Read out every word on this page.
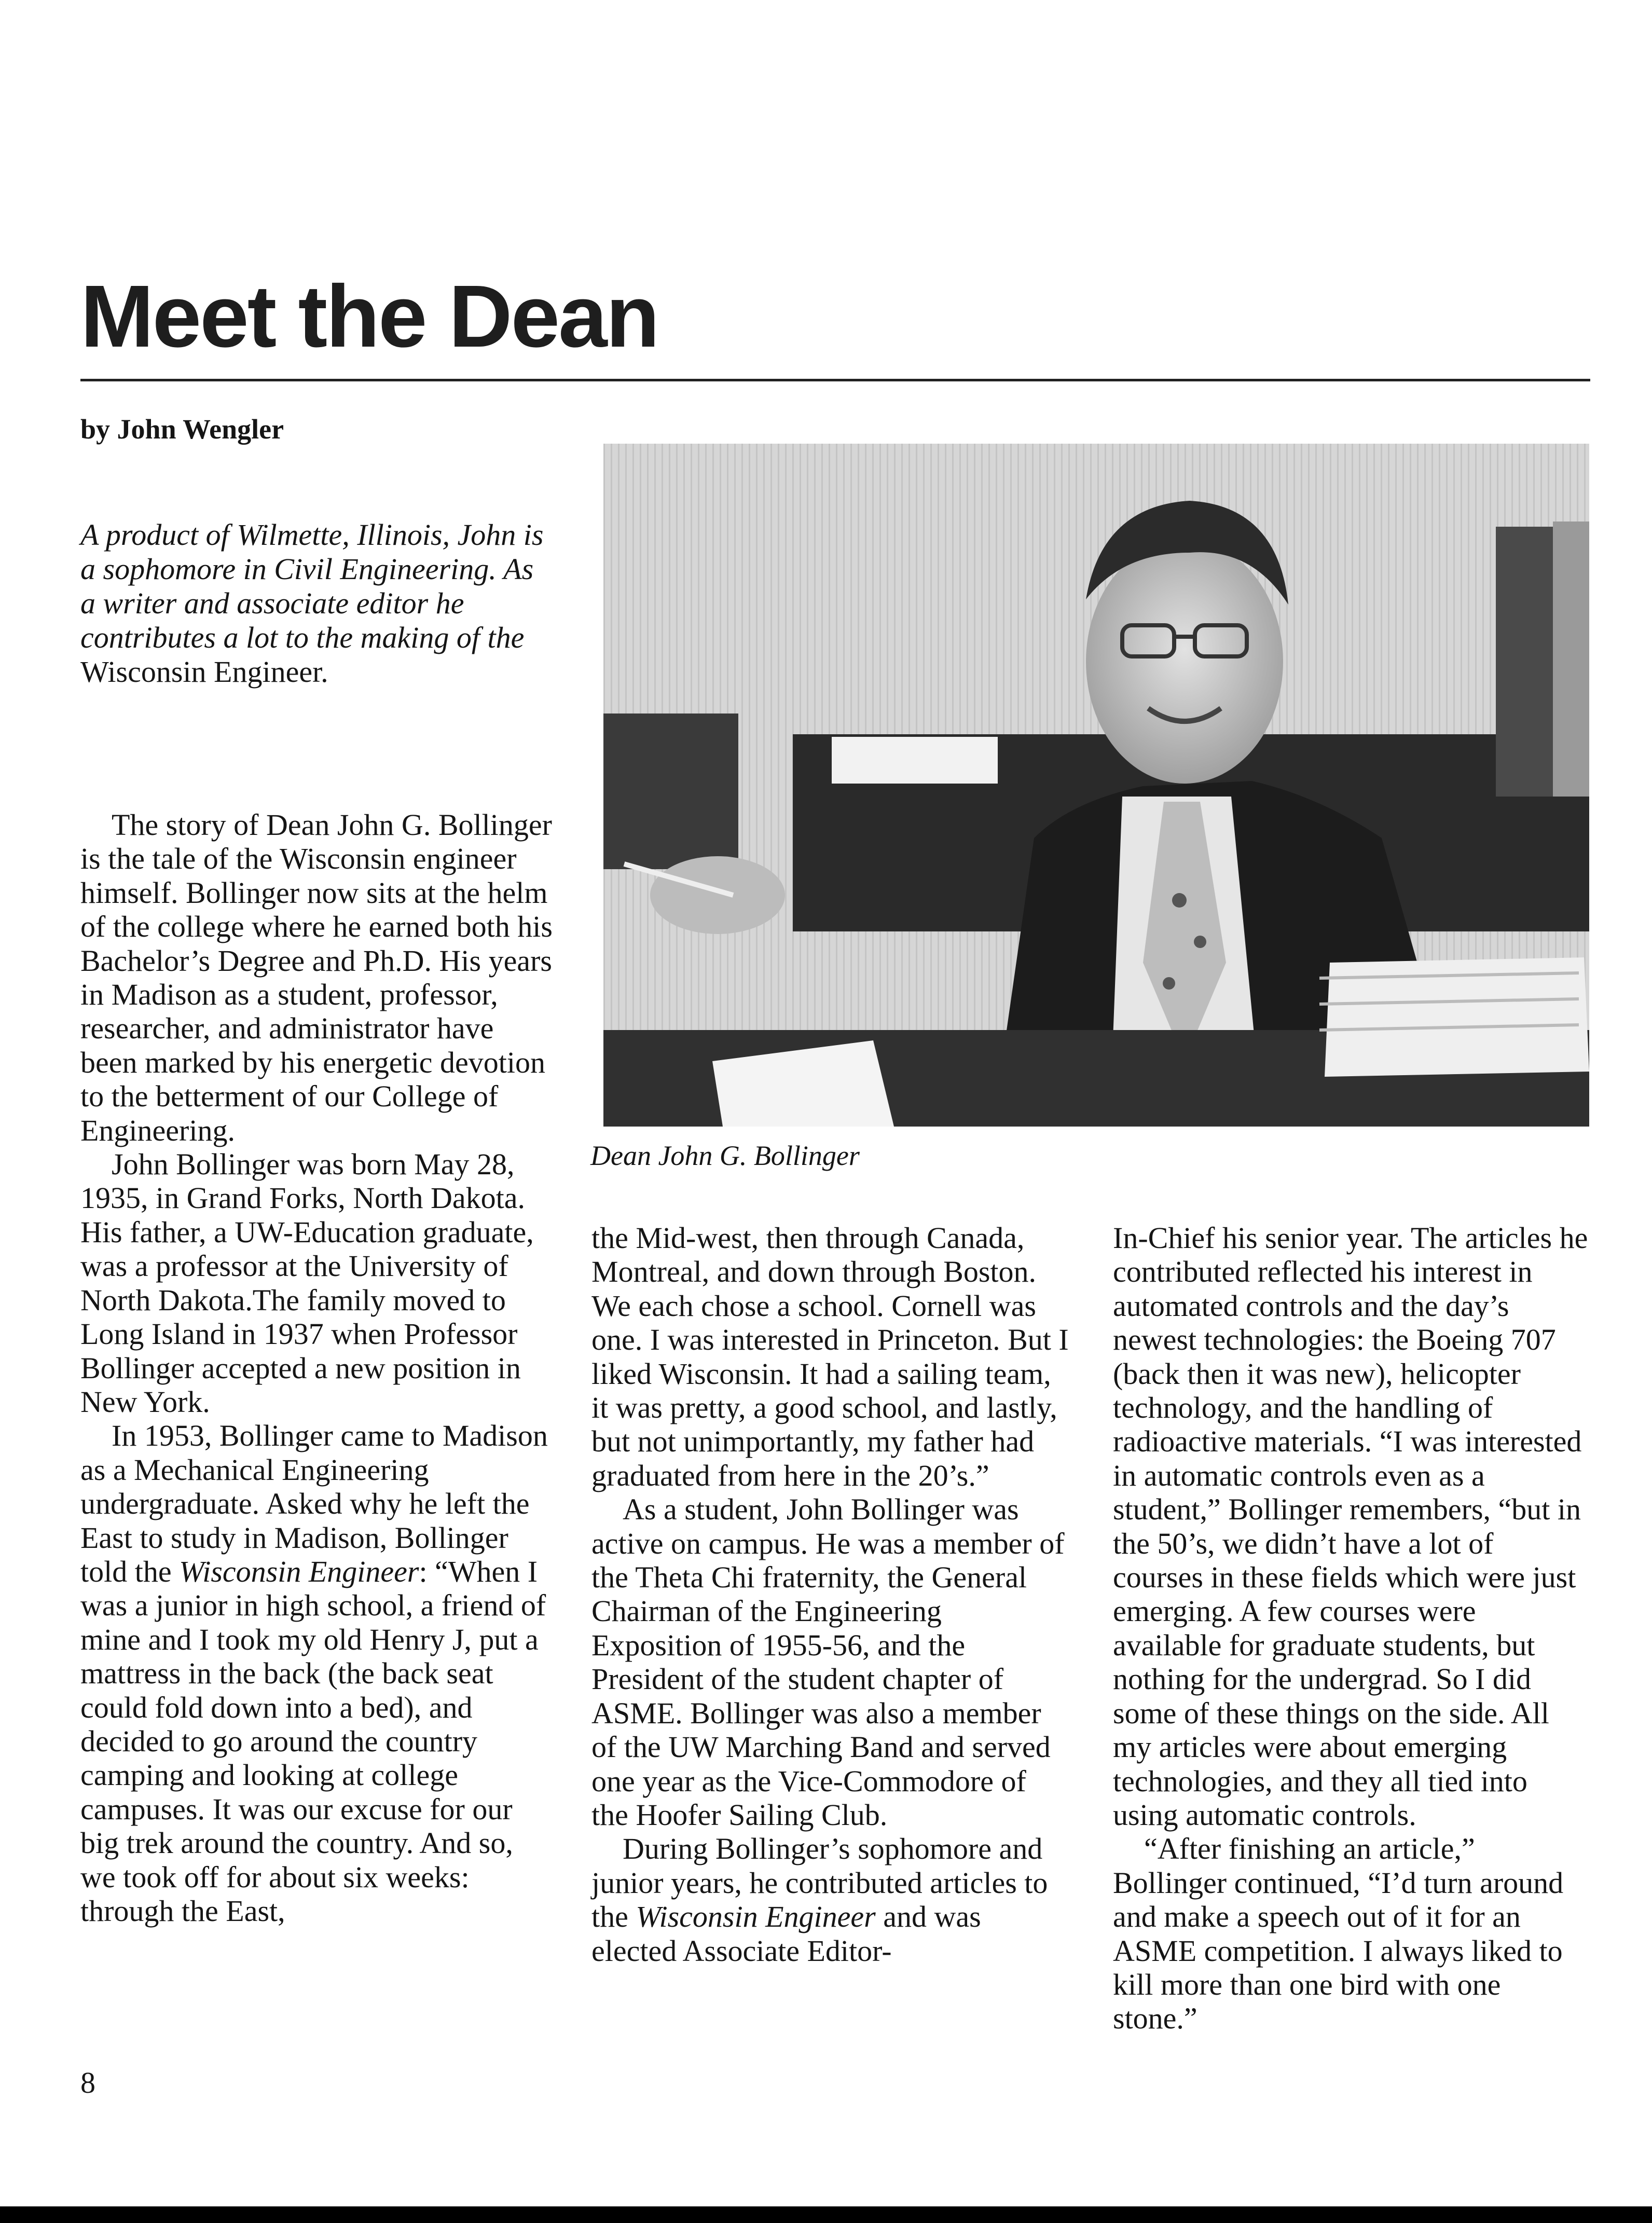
Meet the Dean
by John Wengler

A product of Wilmette, Illinois, John is a sophomore in Civil Engineering. As a writer and associate editor he contributes a lot to the making of the Wisconsin Engineer.

Dean John G. Bollinger

The story of Dean John G. Bollinger is the tale of the Wisconsin engineer himself. Bollinger now sits at the helm of the college where he earned both his Bachelor’s Degree and Ph.D. His years in Madison as a student, professor, researcher, and administrator have been marked by his energetic devotion to the betterment of our College of Engineering.

John Bollinger was born May 28, 1935, in Grand Forks, North Dakota. His father, a UW-Education graduate, was a professor at the University of North Dakota.The family moved to Long Island in 1937 when Professor Bollinger accepted a new position in New York.

In 1953, Bollinger came to Madison as a Mechanical Engineering undergraduate. Asked why he left the East to study in Madison, Bollinger told the Wisconsin Engineer: “When I was a junior in high school, a friend of mine and I took my old Henry J, put a mattress in the back (the back seat could fold down into a bed), and decided to go around the country camping and looking at college campuses. It was our excuse for our big trek around the country. And so, we took off for about six weeks: through the East,

the Mid-west, then through Canada, Montreal, and down through Boston. We each chose a school. Cornell was one. I was interested in Princeton. But I liked Wisconsin. It had a sailing team, it was pretty, a good school, and lastly, but not unimportantly, my father had graduated from here in the 20’s.”

As a student, John Bollinger was active on campus. He was a member of the Theta Chi fraternity, the General Chairman of the Engineering Exposition of 1955-56, and the President of the student chapter of ASME. Bollinger was also a member of the UW Marching Band and served one year as the Vice-Commodore of the Hoofer Sailing Club.

During Bollinger’s sophomore and junior years, he contributed articles to the Wisconsin Engineer and was elected Associate Editor-

In-Chief his senior year. The articles he contributed reflected his interest in automated controls and the day’s newest technologies: the Boeing 707 (back then it was new), helicopter technology, and the handling of radioactive materials. “I was interested in automatic controls even as a student,” Bollinger remembers, “but in the 50’s, we didn’t have a lot of courses in these fields which were just emerging. A few courses were available for graduate students, but nothing for the undergrad. So I did some of these things on the side. All my articles were about emerging technologies, and they all tied into using automatic controls.

“After finishing an article,” Bollinger continued, “I’d turn around and make a speech out of it for an ASME competition. I always liked to kill more than one bird with one stone.”

8
